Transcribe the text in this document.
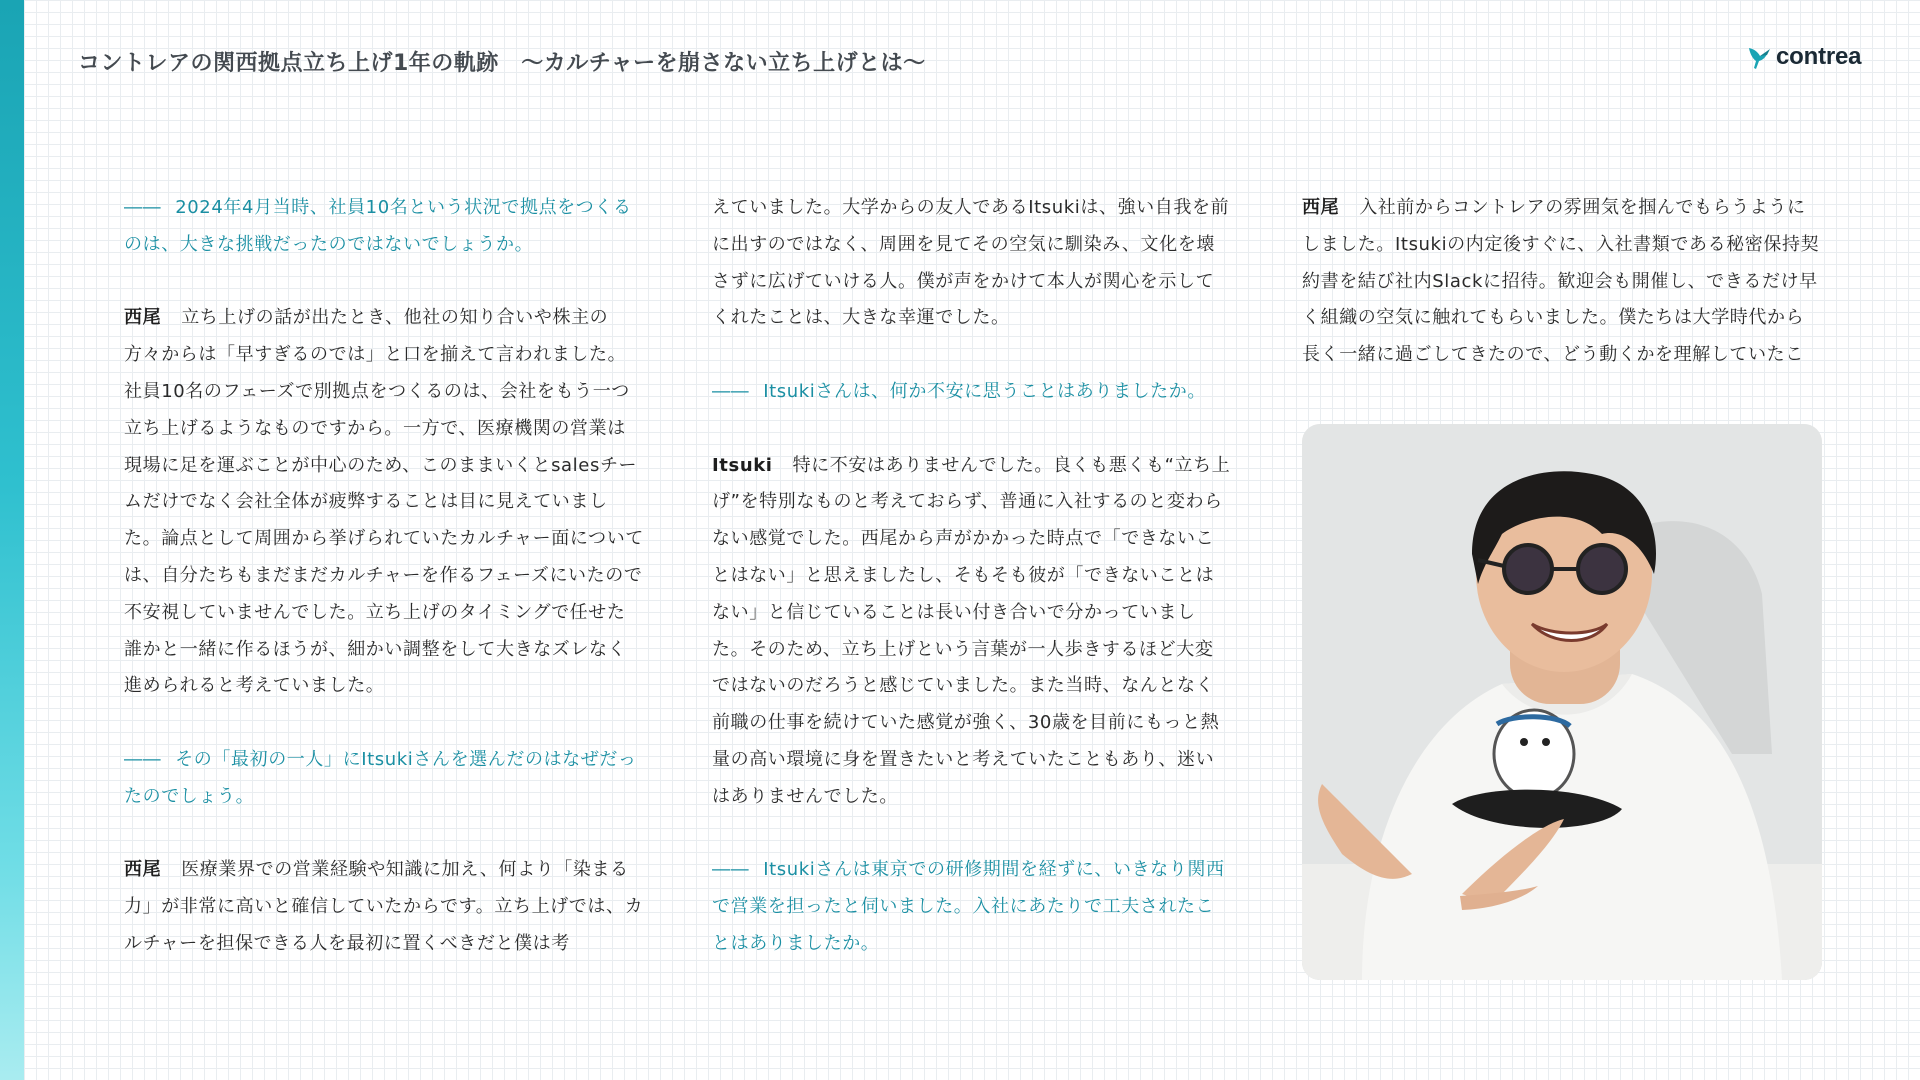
コントレアの関西拠点立ち上げ1年の軌跡　～カルチャーを崩さない立ち上げとは～	contrea

―― 2024年4月当時、社員10名という状況で拠点をつくるのは、大きな挑戦だったのではないでしょうか。

西尾 立ち上げの話が出たとき、他社の知り合いや株主の方々からは「早すぎるのでは」と口を揃えて言われました。社員10名のフェーズで別拠点をつくるのは、会社をもう一つ立ち上げるようなものですから。一方で、医療機関の営業は現場に足を運ぶことが中心のため、このままいくとsalesチームだけでなく会社全体が疲弊することは目に見えていました。論点として周囲から挙げられていたカルチャー面については、自分たちもまだまだカルチャーを作るフェーズにいたので不安視していませんでした。立ち上げのタイミングで任せた誰かと一緒に作るほうが、細かい調整をして大きなズレなく進められると考えていました。

―― その「最初の一人」にItsukiさんを選んだのはなぜだったのでしょう。

西尾 医療業界での営業経験や知識に加え、何より「染まる力」が非常に高いと確信していたからです。立ち上げでは、カルチャーを担保できる人を最初に置くべきだと僕は考

えていました。大学からの友人であるItsukiは、強い自我を前に出すのではなく、周囲を見てその空気に馴染み、文化を壊さずに広げていける人。僕が声をかけて本人が関心を示してくれたことは、大きな幸運でした。

―― Itsukiさんは、何か不安に思うことはありましたか。

Itsuki 特に不安はありませんでした。良くも悪くも“立ち上げ”を特別なものと考えておらず、普通に入社するのと変わらない感覚でした。西尾から声がかかった時点で「できないことはない」と思えましたし、そもそも彼が「できないことはない」と信じていることは長い付き合いで分かっていました。そのため、立ち上げという言葉が一人歩きするほど大変ではないのだろうと感じていました。また当時、なんとなく前職の仕事を続けていた感覚が強く、30歳を目前にもっと熱量の高い環境に身を置きたいと考えていたこともあり、迷いはありませんでした。

―― Itsukiさんは東京での研修期間を経ずに、いきなり関西で営業を担ったと伺いました。入社にあたりで工夫されたことはありましたか。

西尾 入社前からコントレアの雰囲気を掴んでもらうようにしました。Itsukiの内定後すぐに、入社書類である秘密保持契約書を結び社内Slackに招待。歓迎会も開催し、できるだけ早く組織の空気に触れてもらいました。僕たちは大学時代から長く一緒に過ごしてきたので、どう動くかを理解していたこ
